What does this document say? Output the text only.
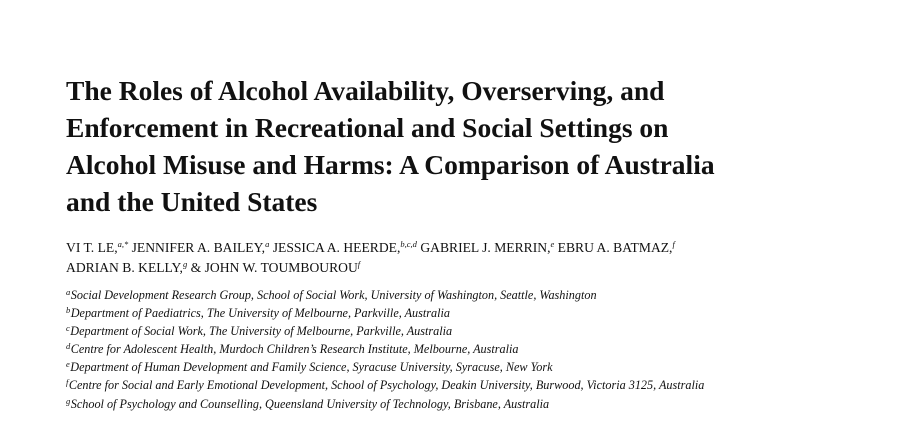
The Roles of Alcohol Availability, Overserving, and
Enforcement in Recreational and Social Settings on
Alcohol Misuse and Harms: A Comparison of Australia
and the United States
VI T. LE,$^{a,*}$ JENNIFER A. BAILEY,$^a$ JESSICA A. HEERDE,$^{b,c,d}$ GABRIEL J. MERRIN,$^e$ EBRU A. BATMAZ,$^f$
ADRIAN B. KELLY,$^g$ & JOHN W. TOUMBOUROU$^f$
$^a$Social Development Research Group, School of Social Work, University of Washington, Seattle, Washington
$^b$Department of Paediatrics, The University of Melbourne, Parkville, Australia
$^c$Department of Social Work, The University of Melbourne, Parkville, Australia
$^d$Centre for Adolescent Health, Murdoch Children’s Research Institute, Melbourne, Australia
$^e$Department of Human Development and Family Science, Syracuse University, Syracuse, New York
$^f$Centre for Social and Early Emotional Development, School of Psychology, Deakin University, Burwood, Victoria 3125, Australia
$^g$School of Psychology and Counselling, Queensland University of Technology, Brisbane, Australia
